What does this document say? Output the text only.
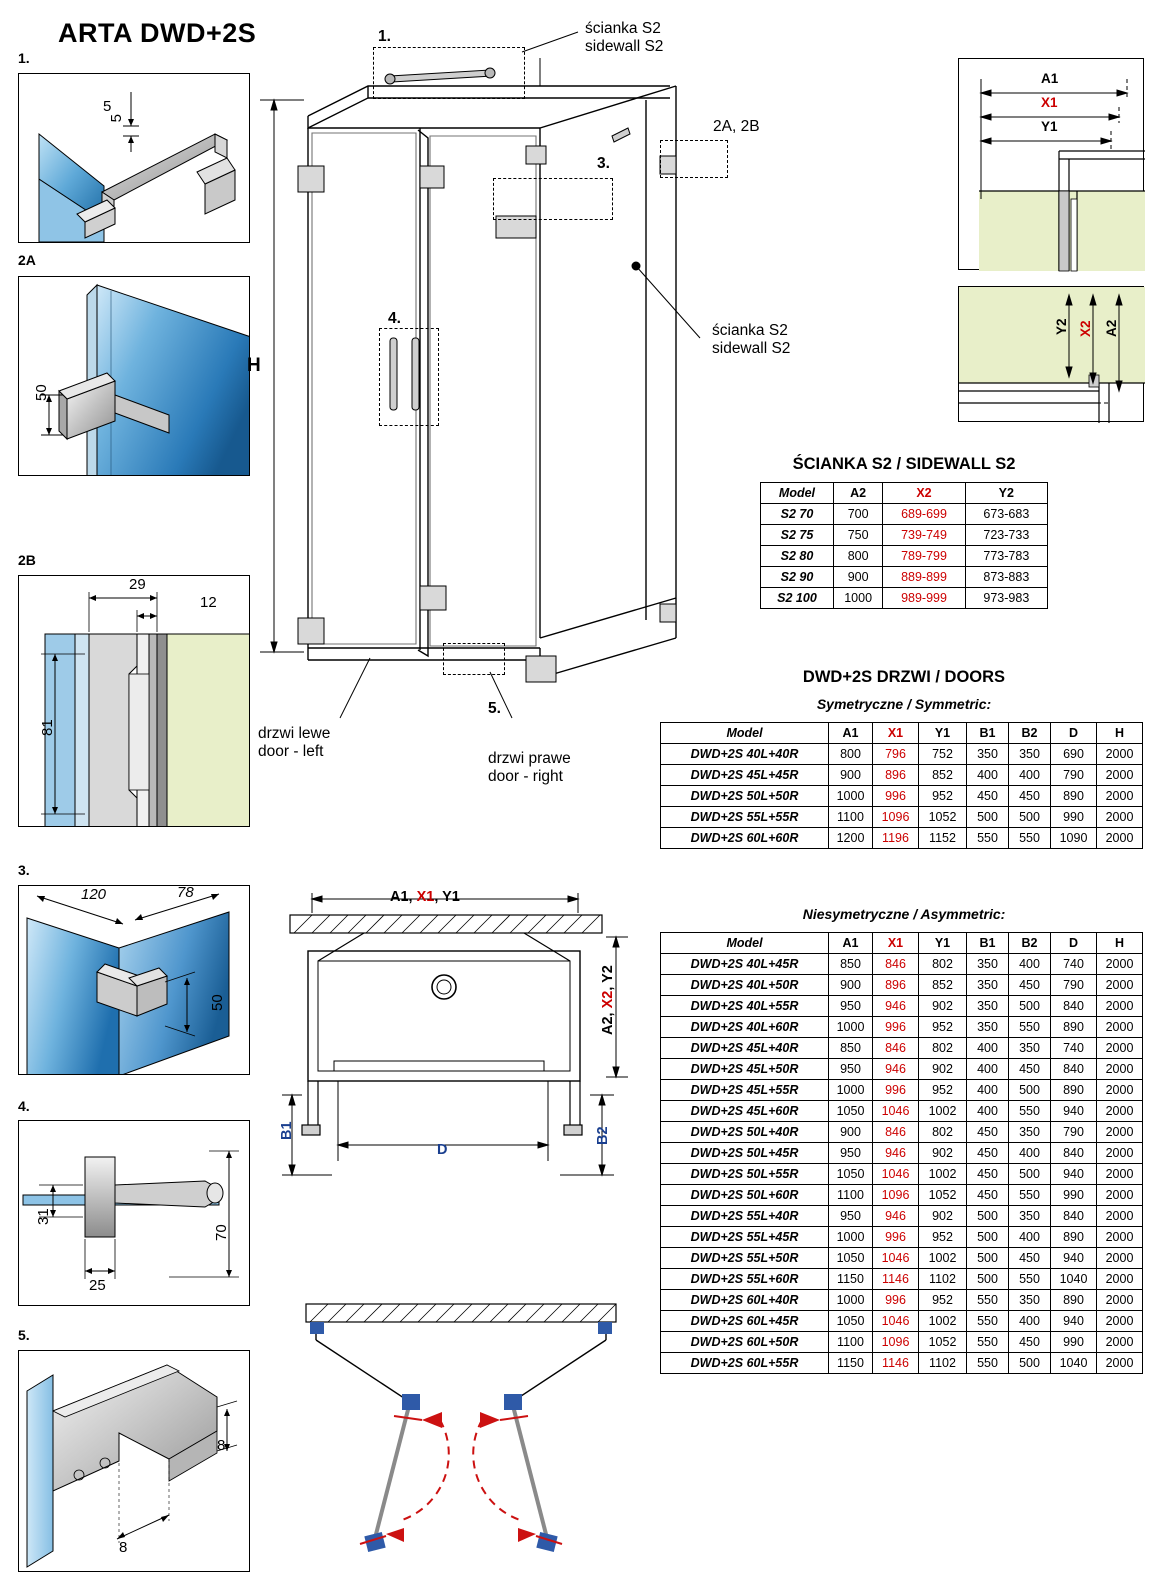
ARTA DWD+2S
1.
5
5
2A
50
2B
29
12
81
3.
120	78
50
4.
31
25
70
5.
8
8
H
1.
3.
2A, 2B
4.
5.
ścianka S2
sidewall S2
ścianka S2
sidewall S2
drzwi lewe
door - left	drzwi prawe
door - right
A1, X1, Y1
A2, X2, Y2
B1	B2
D
A1
X1
Y1
Y2 X2 A2
ŚCIANKA S2 / SIDEWALL S2
Model	A2	X2	Y2
S2 70	700	689-699	673-683
S2 75	750	739-749	723-733
S2 80	800	789-799	773-783
S2 90	900	889-899	873-883
S2 100	1000	989-999	973-983
DWD+2S DRZWI / DOORS
Symetryczne / Symmetric:
Model	A1	X1	Y1	B1	B2	D	H
DWD+2S 40L+40R	800	796	752	350	350	690	2000
DWD+2S 45L+45R	900	896	852	400	400	790	2000
DWD+2S 50L+50R	1000	996	952	450	450	890	2000
DWD+2S 55L+55R	1100	1096	1052	500	500	990	2000
DWD+2S 60L+60R	1200	1196	1152	550	550	1090	2000
Niesymetryczne / Asymmetric:
Model	A1	X1	Y1	B1	B2	D	H
DWD+2S 40L+45R	850	846	802	350	400	740	2000
DWD+2S 40L+50R	900	896	852	350	450	790	2000
DWD+2S 40L+55R	950	946	902	350	500	840	2000
DWD+2S 40L+60R	1000	996	952	350	550	890	2000
DWD+2S 45L+40R	850	846	802	400	350	740	2000
DWD+2S 45L+50R	950	946	902	400	450	840	2000
DWD+2S 45L+55R	1000	996	952	400	500	890	2000
DWD+2S 45L+60R	1050	1046	1002	400	550	940	2000
DWD+2S 50L+40R	900	846	802	450	350	790	2000
DWD+2S 50L+45R	950	946	902	450	400	840	2000
DWD+2S 50L+55R	1050	1046	1002	450	500	940	2000
DWD+2S 50L+60R	1100	1096	1052	450	550	990	2000
DWD+2S 55L+40R	950	946	902	500	350	840	2000
DWD+2S 55L+45R	1000	996	952	500	400	890	2000
DWD+2S 55L+50R	1050	1046	1002	500	450	940	2000
DWD+2S 55L+60R	1150	1146	1102	500	550	1040	2000
DWD+2S 60L+40R	1000	996	952	550	350	890	2000
DWD+2S 60L+45R	1050	1046	1002	550	400	940	2000
DWD+2S 60L+50R	1100	1096	1052	550	450	990	2000
DWD+2S 60L+55R	1150	1146	1102	550	500	1040	2000
